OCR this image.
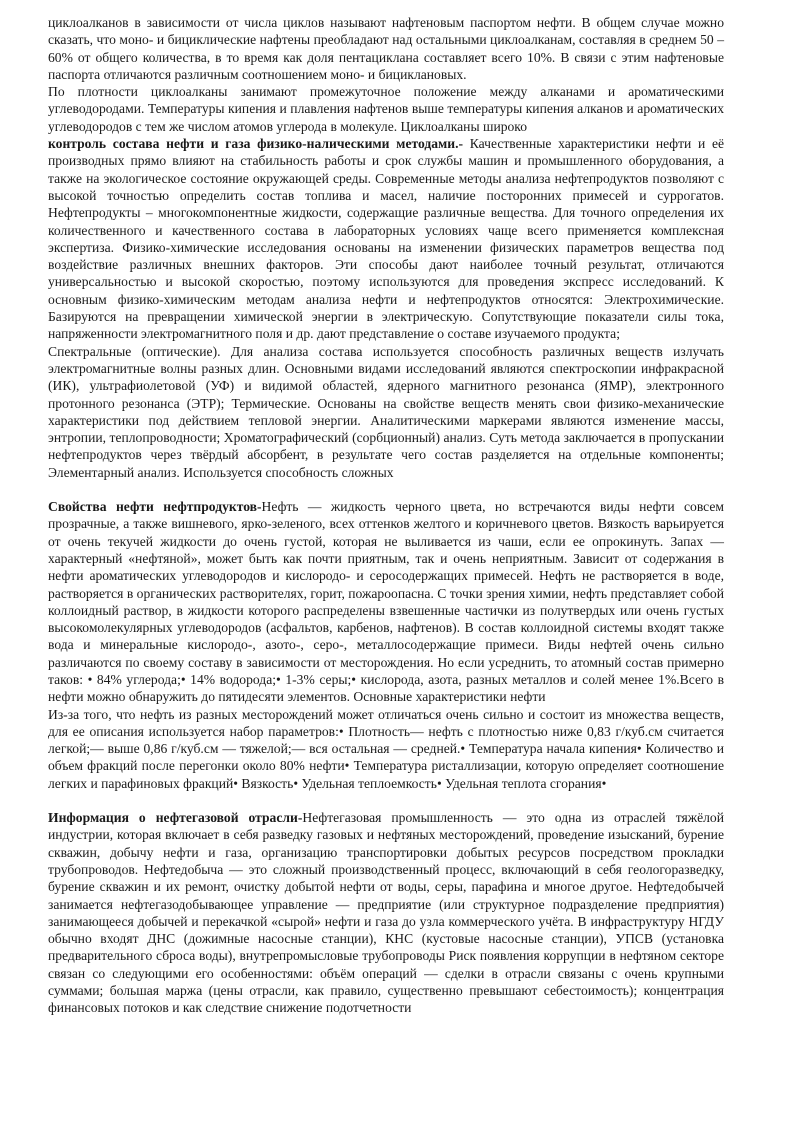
циклоалканов в зависимости от числа циклов называют нафтеновым паспортом нефти. В общем случае можно сказать, что моно- и бициклические нафтены преобладают над остальными циклоалканам, составляя в среднем 50 – 60% от общего количества, в то время как доля пентациклана составляет всего 10%. В связи с этим нафтеновые паспорта отличаются различным соотношением моно- и бициклановых.

По плотности циклоалканы занимают промежуточное положение между алканами и ароматическими углеводородами. Температуры кипения и плавления нафтенов выше температуры кипения алканов и ароматических углеводородов с тем же числом атомов углерода в молекуле. Циклоалканы широко

контроль состава нефти и газа физико-налическими методами.- Качественные характеристики нефти и её производных прямо влияют на стабильность работы и срок службы машин и промышленного оборудования, а также на экологическое состояние окружающей среды. Современные методы анализа нефтепродуктов позволяют с высокой точностью определить состав топлива и масел, наличие посторонних примесей и суррогатов. Нефтепродукты – многокомпонентные жидкости, содержащие различные вещества. Для точного определения их количественного и качественного состава в лабораторных условиях чаще всего применяется комплексная экспертиза. Физико-химические исследования основаны на изменении физических параметров вещества под воздействие различных внешних факторов. Эти способы дают наиболее точный результат, отличаются универсальностью и высокой скоростью, поэтому используются для проведения экспресс исследований. К основным физико-химическим методам анализа нефти и нефтепродуктов относятся: Электрохимические. Базируются на превращении химической энергии в электрическую. Сопутствующие показатели силы тока, напряженности электромагнитного поля и др. дают представление о составе изучаемого продукта;

Спектральные (оптические). Для анализа состава используется способность различных веществ излучать электромагнитные волны разных длин. Основными видами исследований являются спектроскопии инфракрасной (ИК), ультрафиолетовой (УФ) и видимой областей, ядерного магнитного резонанса (ЯМР), электронного протонного резонанса (ЭТР); Термические. Основаны на свойстве веществ менять свои физико-механические характеристики под действием тепловой энергии. Аналитическими маркерами являются изменение массы, энтропии, теплопроводности; Хроматографический (сорбционный) анализ. Суть метода заключается в пропускании нефтепродуктов через твёрдый абсорбент, в результате чего состав разделяется на отдельные компоненты; Элементарный анализ. Используется способность сложных

Свойства нефти нефтпродуктов-Нефть — жидкость черного цвета, но встречаются виды нефти совсем прозрачные, а также вишневого, ярко-зеленого, всех оттенков желтого и коричневого цветов. Вязкость варьируется от очень текучей жидкости до очень густой, которая не выливается из чаши, если ее опрокинуть. Запах — характерный «нефтяной», может быть как почти приятным, так и очень неприятным. Зависит от содержания в нефти ароматических углеводородов и кислородо- и серосодержащих примесей. Нефть не растворяется в воде, растворяется в органических растворителях, горит, пожароопасна. С точки зрения химии, нефть представляет собой коллоидный раствор, в жидкости которого распределены взвешенные частички из полутвердых или очень густых высокомолекулярных углеводородов (асфальтов, карбенов, нафтенов). В состав коллоидной системы входят также вода и минеральные кислородо-, азото-, серо-, металлосодержащие примеси. Виды нефтей очень сильно различаются по своему составу в зависимости от месторождения. Но если усреднить, то атомный состав примерно таков: • 84% углерода;• 14% водорода;• 1-3% серы;• кислорода, азота, разных металлов и солей менее 1%.Всего в нефти можно обнаружить до пятидесяти элементов. Основные характеристики нефти

Из-за того, что нефть из разных месторождений может отличаться очень сильно и состоит из множества веществ, для ее описания используется набор параметров:• Плотность— нефть с плотностью ниже 0,83 г/куб.см считается легкой;— выше 0,86 г/куб.см — тяжелой;— вся остальная — средней.• Температура начала кипения• Количество и объем фракций после перегонки около 80% нефти• Температура ристаллизации, которую определяет соотношение легких и парафиновых фракций• Вязкость• Удельная теплоемкость• Удельная теплота сгорания•

Информация о нефтегазовой отрасли-Нефтегазовая промышленность — это одна из отраслей тяжёлой индустрии, которая включает в себя разведку газовых и нефтяных месторождений, проведение изысканий, бурение скважин, добычу нефти и газа, организацию транспортировки добытых ресурсов посредством прокладки трубопроводов. Нефтедобыча — это сложный производственный процесс, включающий в себя геологоразведку, бурение скважин и их ремонт, очистку добытой нефти от воды, серы, парафина и многое другое. Нефтедобычей занимается нефтегазодобывающее управление — предприятие (или структурное подразделение предприятия) занимающееся добычей и перекачкой «сырой» нефти и газа до узла коммерческого учёта. В инфраструктуру НГДУ обычно входят ДНС (дожимные насосные станции), КНС (кустовые насосные станции), УПСВ (установка предварительного сброса воды), внутрепромысловые трубопроводы Риск появления коррупции в нефтяном секторе связан со следующими его особенностями: объём операций — сделки в отрасли связаны с очень крупными суммами; большая маржа (цены отрасли, как правило, существенно превышают себестоимость); концентрация финансовых потоков и как следствие снижение подотчетности
